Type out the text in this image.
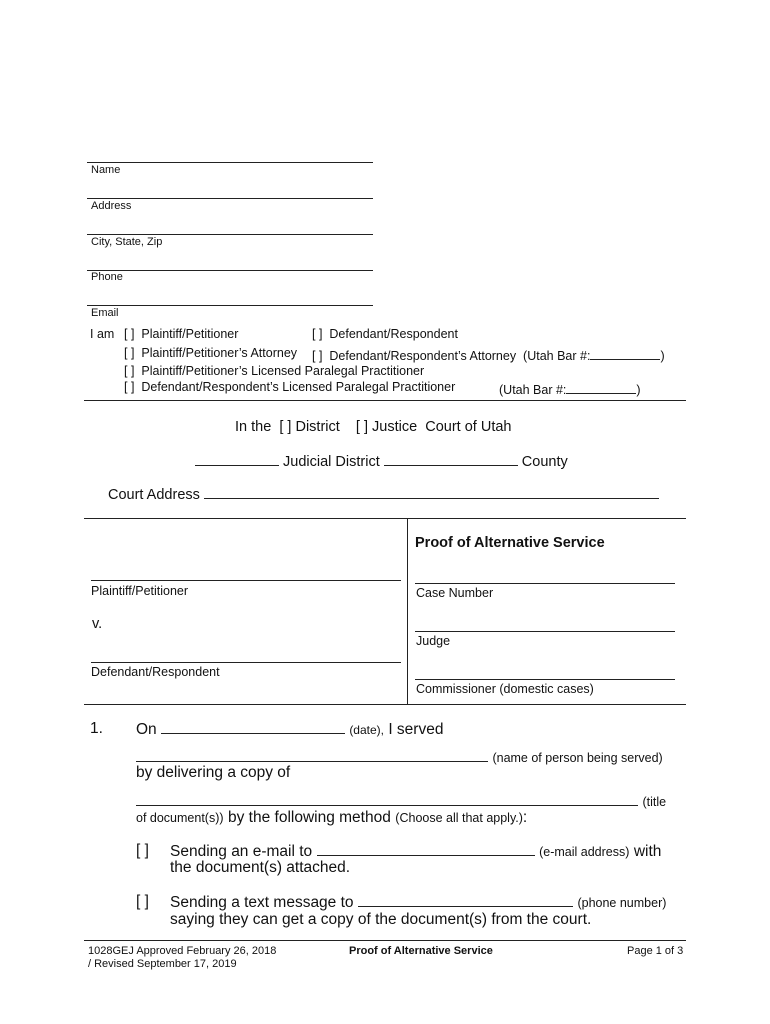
Name
Address
City, State, Zip
Phone
Email
I am [ ] Plaintiff/Petitioner	[ ] Defendant/Respondent
[ ] Plaintiff/Petitioner’s Attorney [ ] Defendant/Respondent’s Attorney (Utah Bar #:	)
[ ] Plaintiff/Petitioner’s Licensed Paralegal Practitioner
[ ] Defendant/Respondent’s Licensed Paralegal Practitioner	(Utah Bar #:	)
In the [ ] District [ ] Justice Court of Utah
Judicial District	County
Court Address
Proof of Alternative Service
Plaintiff/Petitioner
v.
Defendant/Respondent
Case Number
Judge
Commissioner (domestic cases)
1. On	(date), I served
(name of person being served)
by delivering a copy of
(title
of document(s)) by the following method (Choose all that apply.):
[ ] Sending an e-mail to	(e-mail address) with
the document(s) attached.
[ ] Sending a text message to	(phone number)
saying they can get a copy of the document(s) from the court.
1028GEJ Approved February 26, 2018
/ Revised September 17, 2019
Proof of Alternative Service	Page 1 of 3
